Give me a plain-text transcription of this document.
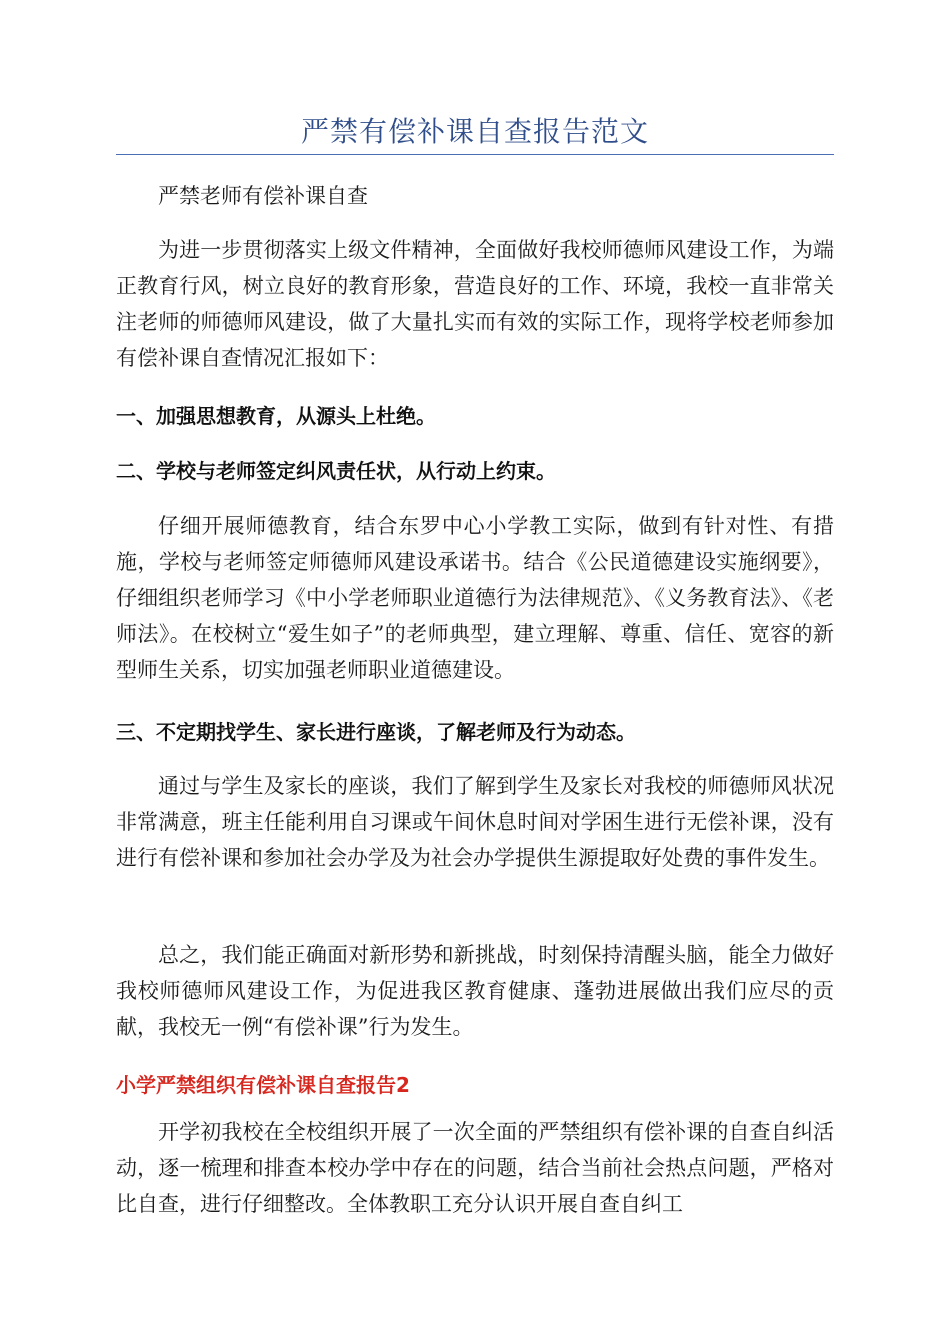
严禁有偿补课自查报告范文

严禁老师有偿补课自查

为进一步贯彻落实上级文件精神，全面做好我校师德师风建设工作，为端正教育行风，树立良好的教育形象，营造良好的工作、环境，我校一直非常关注老师的师德师风建设，做了大量扎实而有效的实际工作，现将学校老师参加有偿补课自查情况汇报如下：

一、加强思想教育，从源头上杜绝。

二、学校与老师签定纠风责任状，从行动上约束。

仔细开展师德教育，结合东罗中心小学教工实际，做到有针对性、有措施，学校与老师签定师德师风建设承诺书。结合《公民道德建设实施纲要》，仔细组织老师学习《中小学老师职业道德行为法律规范》、《义务教育法》、《老师法》。在校树立“爱生如子”的老师典型，建立理解、尊重、信任、宽容的新型师生关系，切实加强老师职业道德建设。

三、不定期找学生、家长进行座谈，了解老师及行为动态。

通过与学生及家长的座谈，我们了解到学生及家长对我校的师德师风状况非常满意，班主任能利用自习课或午间休息时间对学困生进行无偿补课，没有进行有偿补课和参加社会办学及为社会办学提供生源提取好处费的事件发生。

总之，我们能正确面对新形势和新挑战，时刻保持清醒头脑，能全力做好我校师德师风建设工作，为促进我区教育健康、蓬勃进展做出我们应尽的贡献，我校无一例“有偿补课”行为发生。

小学严禁组织有偿补课自查报告2

开学初我校在全校组织开展了一次全面的严禁组织有偿补课的自查自纠活动，逐一梳理和排查本校办学中存在的问题，结合当前社会热点问题，严格对比自查，进行仔细整改。全体教职工充分认识开展自查自纠工
